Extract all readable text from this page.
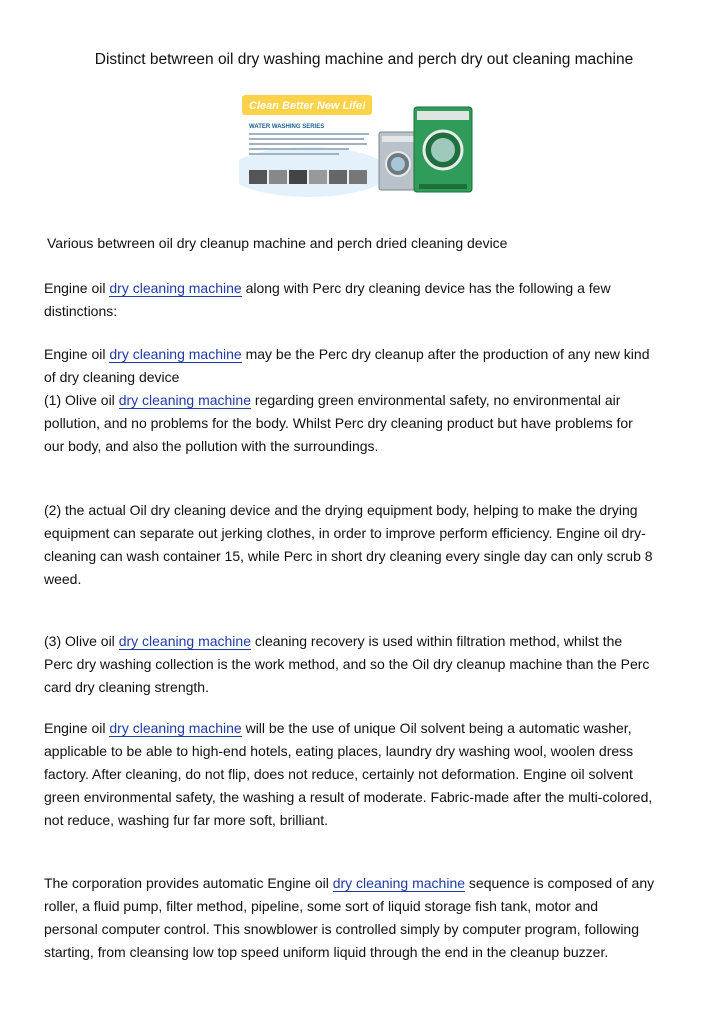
Distinct betwreen oil dry washing machine and perch dry out cleaning machine
Clean Better New Life!
WATER WASHING SERIES
Various betwreen oil dry cleanup machine and perch dried cleaning device
Engine oil dry cleaning machine along with Perc dry cleaning device has the following a few
distinctions:
Engine oil dry cleaning machine may be the Perc dry cleanup after the production of any new kind
of dry cleaning device
(1) Olive oil dry cleaning machine regarding green environmental safety, no environmental air
pollution, and no problems for the body. Whilst Perc dry cleaning product but have problems for
our body, and also the pollution with the surroundings.
(2) the actual Oil dry cleaning device and the drying equipment body, helping to make the drying
equipment can separate out jerking clothes, in order to improve perform efficiency. Engine oil dry-
cleaning can wash container 15, while Perc in short dry cleaning every single day can only scrub 8
weed.
(3) Olive oil dry cleaning machine cleaning recovery is used within filtration method, whilst the
Perc dry washing collection is the work method, and so the Oil dry cleanup machine than the Perc
card dry cleaning strength.
Engine oil dry cleaning machine will be the use of unique Oil solvent being a automatic washer,
applicable to be able to high-end hotels, eating places, laundry dry washing wool, woolen dress
factory. After cleaning, do not flip, does not reduce, certainly not deformation. Engine oil solvent
green environmental safety, the washing a result of moderate. Fabric-made after the multi-colored,
not reduce, washing fur far more soft, brilliant.
The corporation provides automatic Engine oil dry cleaning machine sequence is composed of any
roller, a fluid pump, filter method, pipeline, some sort of liquid storage fish tank, motor and
personal computer control. This snowblower is controlled simply by computer program, following
starting, from cleansing low top speed uniform liquid through the end in the cleanup buzzer.
